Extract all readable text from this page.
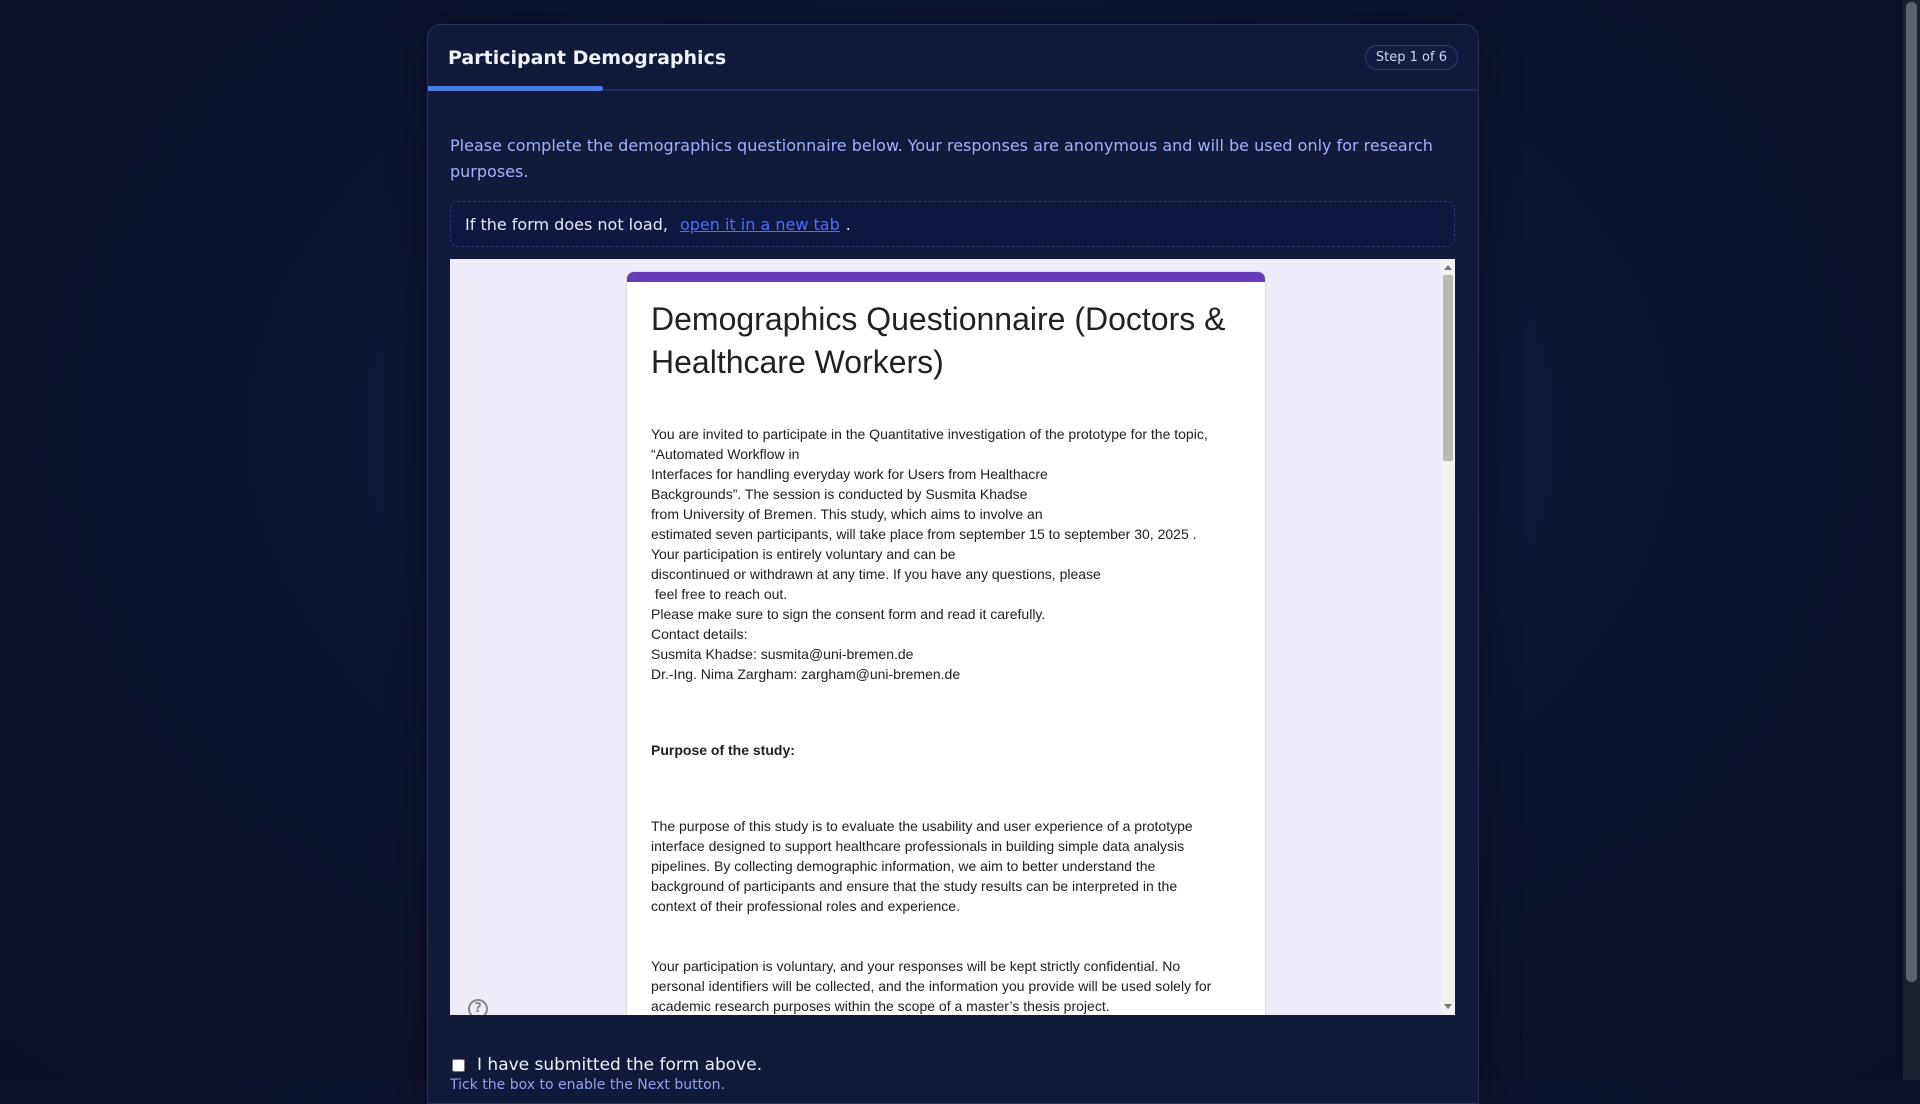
Participant Demographics	Step 1 of 6

Please complete the demographics questionnaire below. Your responses are anonymous and will be used only for research purposes.

If the form does not load, open it in a new tab .
Demographics Questionnaire (Doctors & Healthcare Workers)
You are invited to participate in the Quantitative investigation of the prototype for the topic,
“Automated Workflow in
Interfaces for handling everyday work for Users from Healthacre
Backgrounds”. The session is conducted by Susmita Khadse
from University of Bremen. This study, which aims to involve an
estimated seven participants, will take place from september 15 to september 30, 2025 .
Your participation is entirely voluntary and can be
discontinued or withdrawn at any time. If you have any questions, please
feel free to reach out.
Please make sure to sign the consent form and read it carefully.
Contact details:
Susmita Khadse: susmita@uni-bremen.de
Dr.-Ing. Nima Zargham: zargham@uni-bremen.de
Purpose of the study:
The purpose of this study is to evaluate the usability and user experience of a prototype
interface designed to support healthcare professionals in building simple data analysis
pipelines. By collecting demographic information, we aim to better understand the
background of participants and ensure that the study results can be interpreted in the
context of their professional roles and experience.
Your participation is voluntary, and your responses will be kept strictly confidential. No
personal identifiers will be collected, and the information you provide will be used solely for
academic research purposes within the scope of a master’s thesis project.
?
I have submitted the form above.
Tick the box to enable the Next button.
